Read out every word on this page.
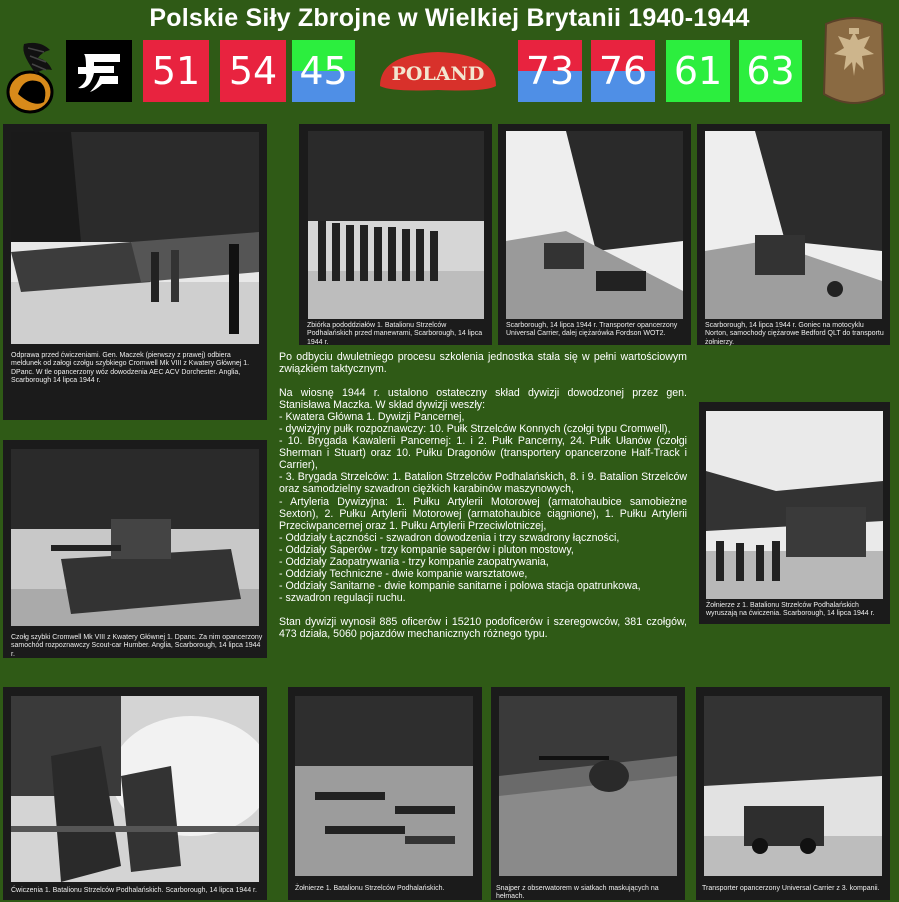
Polskie Siły Zbrojne w Wielkiej Brytanii 1940-1944
51 54 45 POLAND 73 76 61 63
Odprawa przed ćwiczeniami. Gen. Maczek (pierwszy z prawej) odbiera meldunek od załogi czołgu szybkiego Cromwell Mk VIII z Kwatery Głównej 1. DPanc. W tle opancerzony wóz dowodzenia AEC ACV Dorchester. Anglia, Scarborough 14 lipca 1944 r.
Zbiórka pododdziałów 1. Batalionu Strzelców Podhalańskich przed manewrami, Scarborough, 14 lipca 1944 r.
Scarborough, 14 lipca 1944 r. Transporter opancerzony Universal Carrier, dalej ciężarówka Fordson WOT2.
Scarborough, 14 lipca 1944 r. Goniec na motocyklu Norton, samochody ciężarowe Bedford QLT do transportu żołnierzy.
Czołg szybki Cromwell Mk VIII z Kwatery Głównej 1. Dpanc. Za nim opancerzony samochód rozpoznawczy Scout-car Humber. Anglia, Scarborough, 14 lipca 1944 r.
Żołnierze z 1. Batalionu Strzelców Podhalańskich wyruszają na ćwiczenia. Scarborough, 14 lipca 1944 r.
Ćwiczenia 1. Batalionu Strzelców Podhalańskich. Scarborough, 14 lipca 1944 r.	Żołnierze 1. Batalionu Strzelców Podhalańskich.	Snajper z obserwatorem w siatkach maskujących na hełmach.
Transporter opancerzony Universal Carrier z 3. kompanii.

Po odbyciu dwuletniego procesu szkolenia jednostka stała się w pełni wartościowym związkiem taktycznym.

Na wiosnę 1944 r. ustalono ostateczny skład dywizji dowodzonej przez gen. Stanisława Maczka. W skład dywizji weszły:

- Kwatera Główna 1. Dywizji Pancernej,

- dywizyjny pułk rozpoznawczy: 10. Pułk Strzelców Konnych (czołgi typu Cromwell),

- 10. Brygada Kawalerii Pancernej: 1. i 2. Pułk Pancerny, 24. Pułk Ułanów (czołgi Sherman i Stuart) oraz 10. Pułku Dragonów (transportery opancerzone Half-Track i Carrier),

- 3. Brygada Strzelców: 1. Batalion Strzelców Podhalańskich, 8. i 9. Batalion Strzelców oraz samodzielny szwadron ciężkich karabinów maszynowych,

- Artyleria Dywizyjna: 1. Pułku Artylerii Motorowej (armatohaubice samobieżne Sexton), 2. Pułku Artylerii Motorowej (armatohaubice ciągnione), 1. Pułku Artylerii Przeciwpancernej oraz 1. Pułku Artylerii Przeciwlotniczej,

- Oddziały Łączności - szwadron dowodzenia i trzy szwadrony łączności,

- Oddziały Saperów - trzy kompanie saperów i pluton mostowy,

- Oddziały Zaopatrywania - trzy kompanie zaopatrywania,

- Oddziały Techniczne - dwie kompanie warsztatowe,

- Oddziały Sanitarne - dwie kompanie sanitarne i polowa stacja opatrunkowa,

- szwadron regulacji ruchu.

Stan dywizji wynosił 885 oficerów i 15210 podoficerów i szeregowców, 381 czołgów, 473 działa, 5060 pojazdów mechanicznych różnego typu.
